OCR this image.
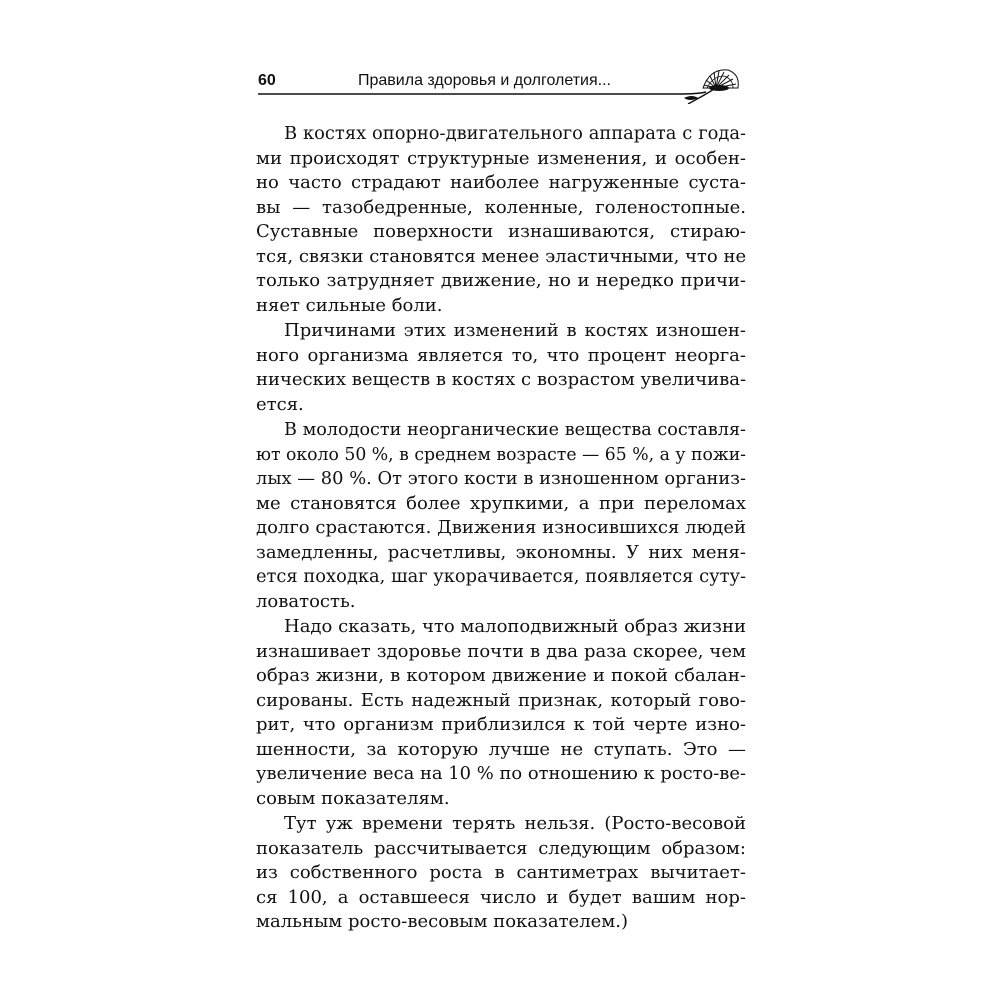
60	Правила здоровья и долголетия...
В костях опорно-двигательного аппарата с года-
ми происходят структурные изменения, и особен-
но часто страдают наиболее нагруженные суста-
вы — тазобедренные, коленные, голеностопные.
Суставные поверхности изнашиваются, стираю-
тся, связки становятся менее эластичными, что не
только затрудняет движение, но и нередко причи-
няет сильные боли.
Причинами этих изменений в костях изношен-
ного организма является то, что процент неорга-
нических веществ в костях с возрастом увеличива-
ется.
В молодости неорганические вещества составля-
ют около 50 %, в среднем возрасте — 65 %, а у пожи-
лых — 80 %. От этого кости в изношенном организ-
ме становятся более хрупкими, а при переломах
долго срастаются. Движения износившихся людей
замедленны, расчетливы, экономны. У них меня-
ется походка, шаг укорачивается, появляется суту-
ловатость.
Надо сказать, что малоподвижный образ жизни
изнашивает здоровье почти в два раза скорее, чем
образ жизни, в котором движение и покой сбалан-
сированы. Есть надежный признак, который гово-
рит, что организм приблизился к той черте изно-
шенности, за которую лучше не ступать. Это —
увеличение веса на 10 % по отношению к росто-ве-
совым показателям.
Тут уж времени терять нельзя. (Росто-весовой
показатель рассчитывается следующим образом:
из собственного роста в сантиметрах вычитает-
ся 100, а оставшееся число и будет вашим нор-
мальным росто-весовым показателем.)
